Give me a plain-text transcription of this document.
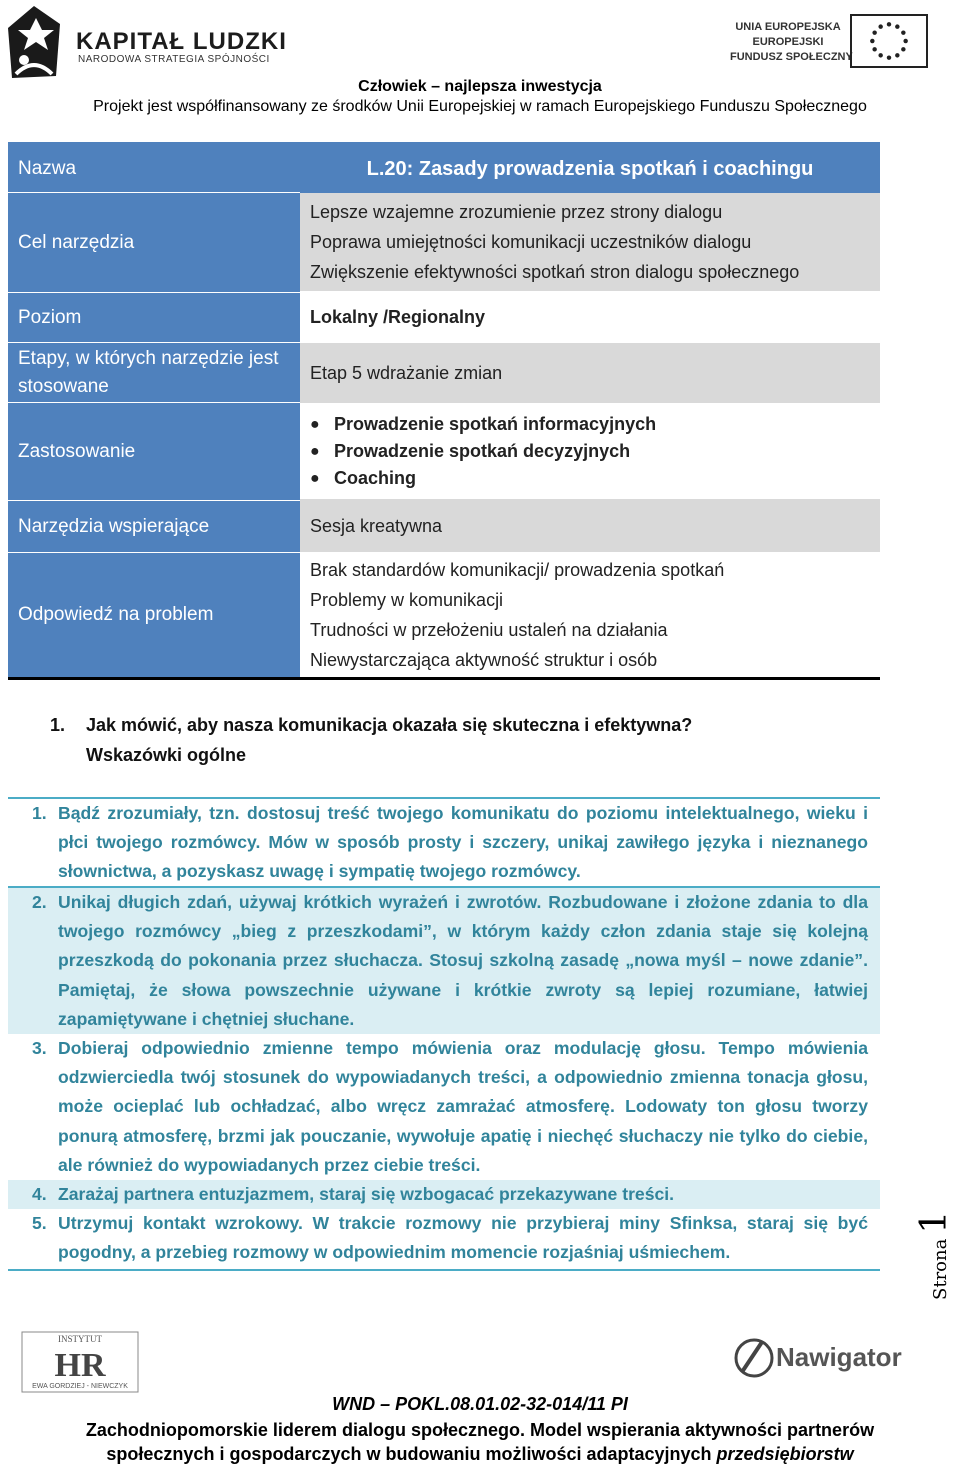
KAPITAŁ LUDZKI
NARODOWA STRATEGIA SPÓJNOŚCI
UNIA EUROPEJSKA
EUROPEJSKI
FUNDUSZ SPOŁECZNY
Człowiek – najlepsza inwestycja
Projekt jest współfinansowany ze środków Unii Europejskiej w ramach Europejskiego Funduszu Społecznego
Nazwa
Cel narzędzia
Poziom
Etapy, w których narzędzie jest stosowane
Zastosowanie
Narzędzia wspierające
Odpowiedź na problem
L.20: Zasady prowadzenia spotkań i coachingu
Lepsze wzajemne zrozumienie przez strony dialogu
Poprawa umiejętności komunikacji uczestników dialogu
Zwiększenie efektywności spotkań stron dialogu społecznego
Lokalny /Regionalny
Etap 5 wdrażanie zmian
● Prowadzenie spotkań informacyjnych
● Prowadzenie spotkań decyzyjnych
● Coaching
Sesja kreatywna
Brak standardów komunikacji/ prowadzenia spotkań
Problemy w komunikacji
Trudności w przełożeniu ustaleń na działania
Niewystarczająca aktywność struktur i osób
1. Jak mówić, aby nasza komunikacja okazała się skuteczna i efektywna?
Wskazówki ogólne
1. Bądź zrozumiały, tzn. dostosuj treść twojego komunikatu do poziomu intelektualnego, wieku i płci twojego rozmówcy. Mów w sposób prosty i szczery, unikaj zawiłego języka i nieznanego słownictwa, a pozyskasz uwagę i sympatię twojego rozmówcy.
2. Unikaj długich zdań, używaj krótkich wyrażeń i zwrotów. Rozbudowane i złożone zdania to dla twojego rozmówcy „bieg z przeszkodami”, w którym każdy człon zdania staje się kolejną przeszkodą do pokonania przez słuchacza. Stosuj szkolną zasadę „nowa myśl – nowe zdanie”. Pamiętaj, że słowa powszechnie używane i krótkie zwroty są lepiej rozumiane, łatwiej zapamiętywane i chętniej słuchane.
3. Dobieraj odpowiednio zmienne tempo mówienia oraz modulację głosu. Tempo mówienia odzwierciedla twój stosunek do wypowiadanych treści, a odpowiednio zmienna tonacja głosu, może ocieplać lub ochładzać, albo wręcz zamrażać atmosferę. Lodowaty ton głosu tworzy ponurą atmosferę, brzmi jak pouczanie, wywołuje apatię i niechęć słuchaczy nie tylko do ciebie, ale również do wypowiadanych przez ciebie treści.
4. Zarażaj partnera entuzjazmem, staraj się wzbogacać przekazywane treści.
5. Utrzymuj kontakt wzrokowy. W trakcie rozmowy nie przybieraj miny Sfinksa, staraj się być pogodny, a przebieg rozmowy w odpowiednim momencie rozjaśniaj uśmiechem.	Strona 1
INSTYTUT
HR
EWA GORDZIEJ - NIEWCZYK
Nawigator
WND – POKL.08.01.02-32-014/11 PI
Zachodniopomorskie liderem dialogu społecznego. Model wspierania aktywności partnerów
społecznych i gospodarczych w budowaniu możliwości adaptacyjnych przedsiębiorstw
